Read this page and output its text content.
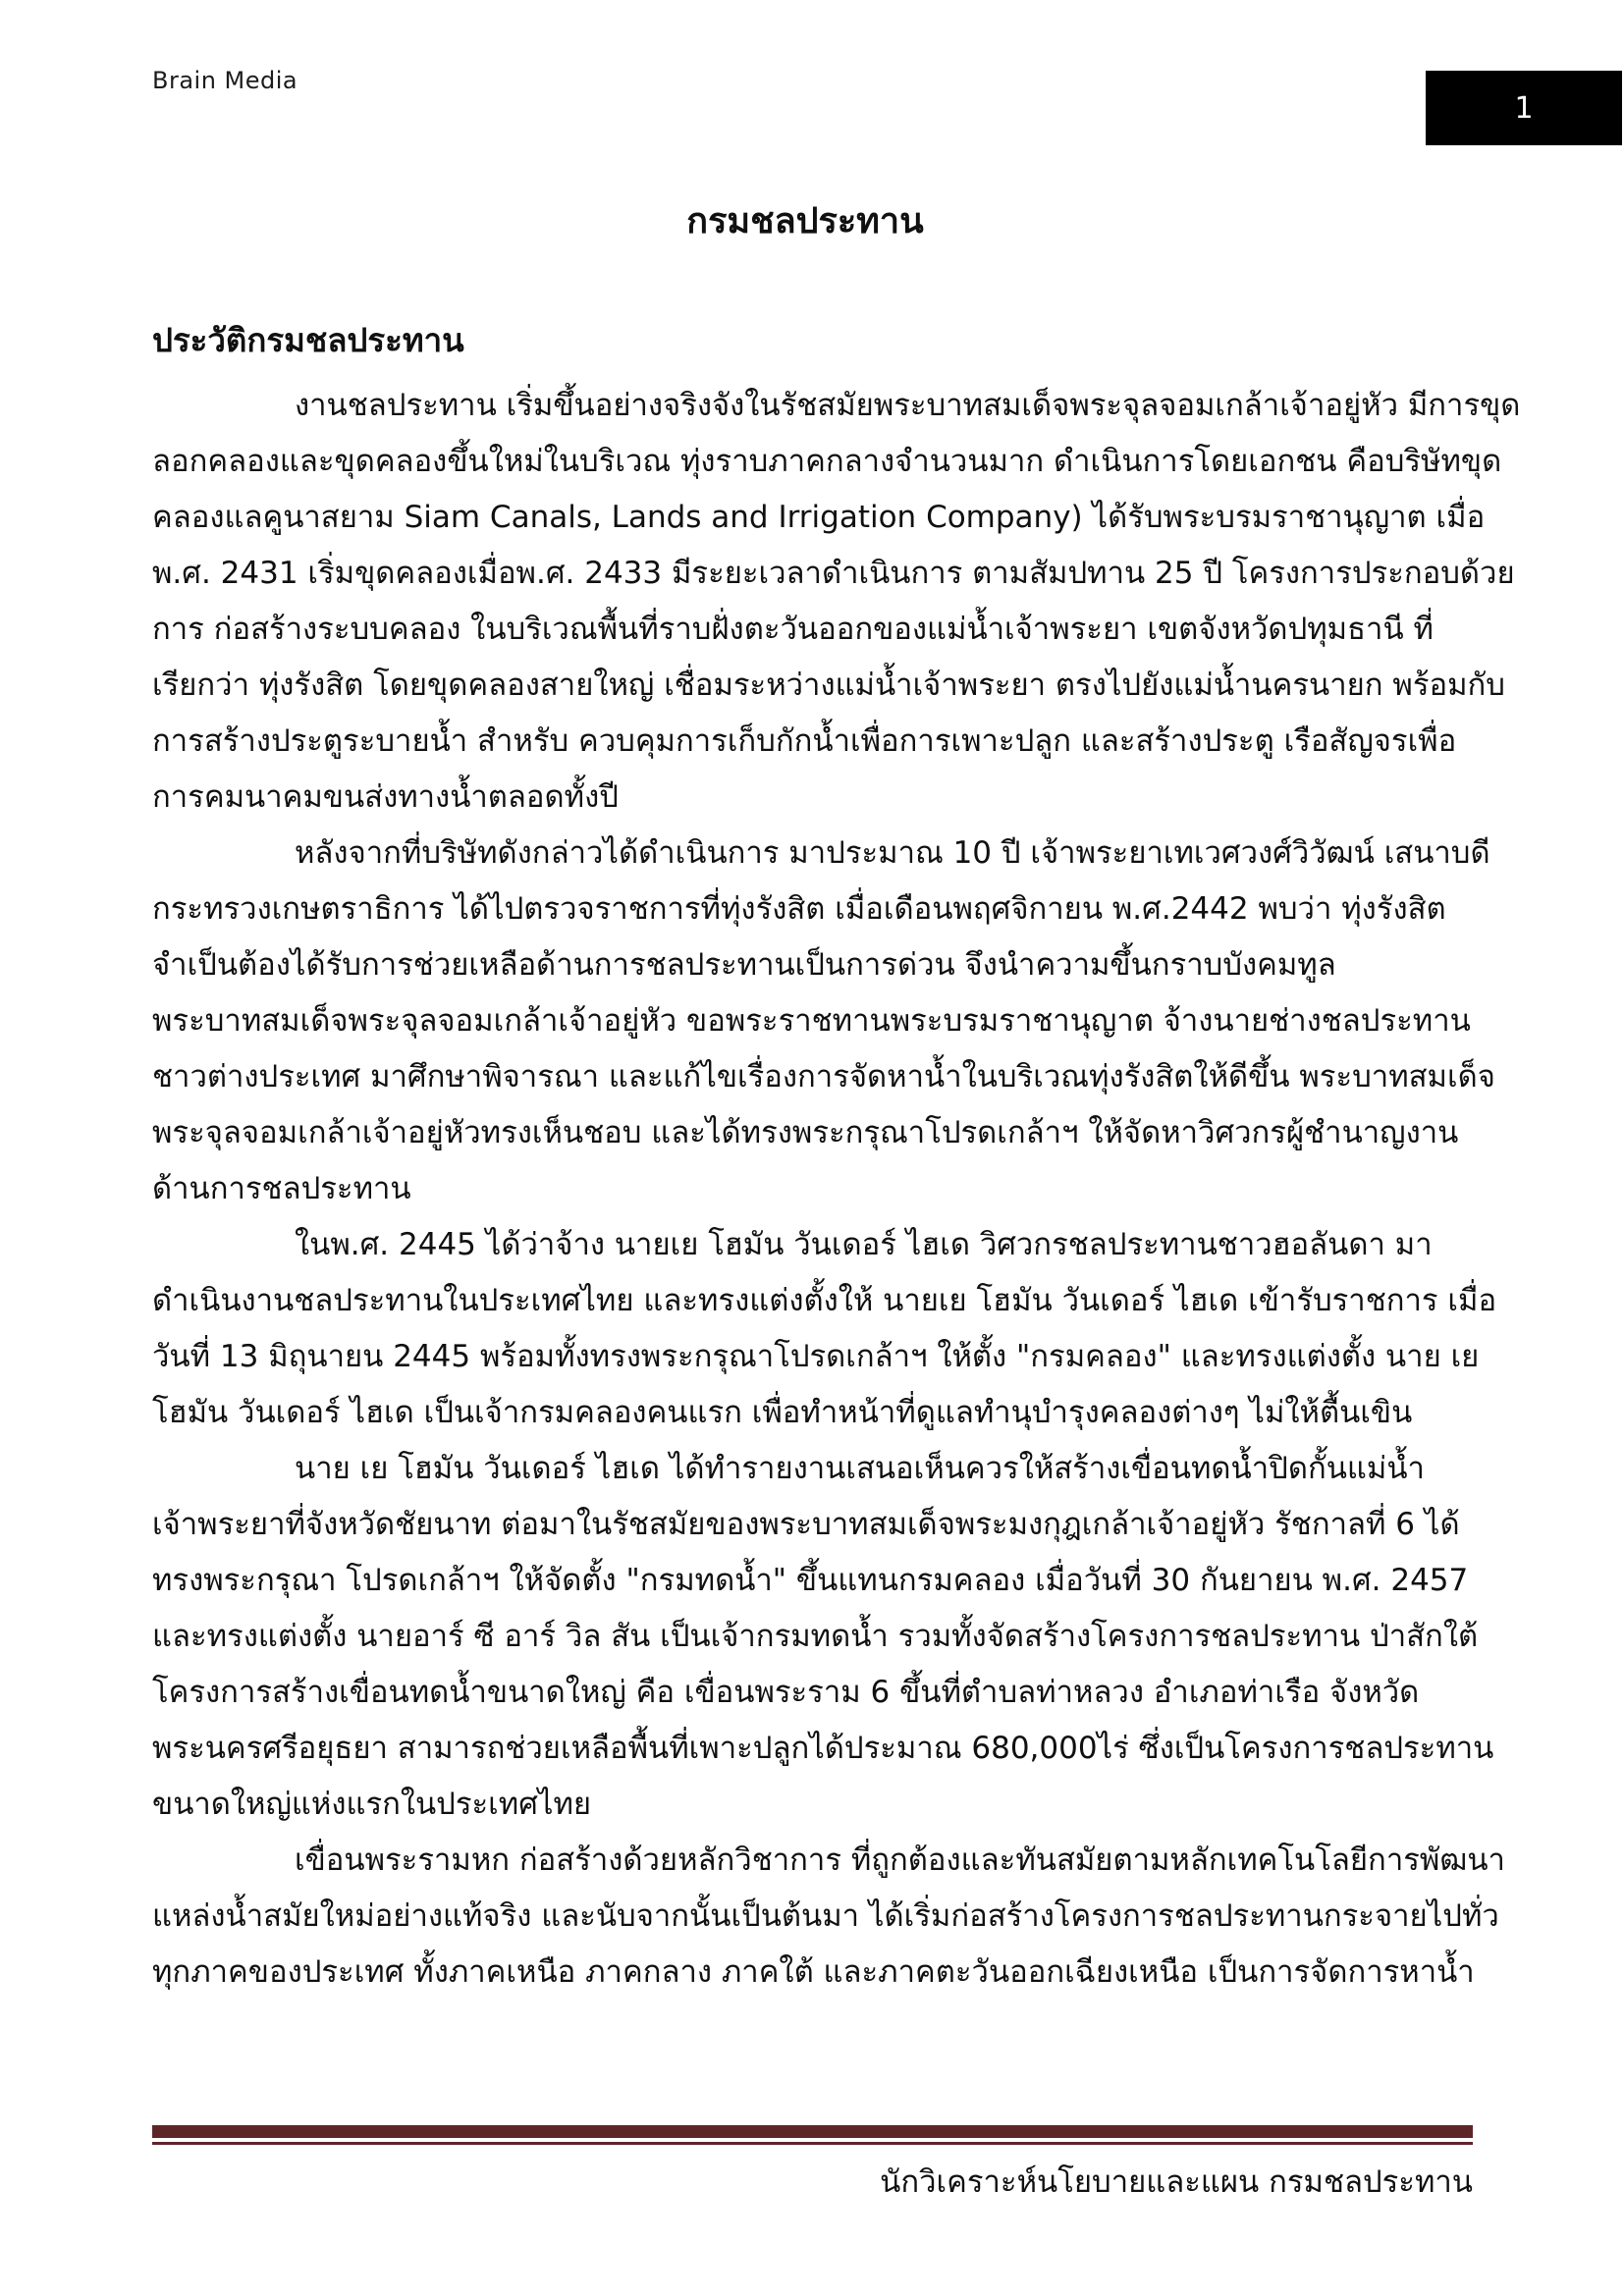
Brain Media
1
กรมชลประทาน
ประวัติกรมชลประทาน
งานชลประทาน เริ่มขึ้นอย่างจริงจังในรัชสมัยพระบาทสมเด็จพระจุลจอมเกล้าเจ้าอยู่หัว มีการขุด
ลอกคลองและขุดคลองขึ้นใหม่ในบริเวณ ทุ่งราบภาคกลางจำนวนมาก ดำเนินการโดยเอกชน คือบริษัทขุด
คลองแลคูนาสยาม Siam Canals, Lands and Irrigation Company) ได้รับพระบรมราชานุญาต เมื่อ
พ.ศ. 2431 เริ่มขุดคลองเมื่อพ.ศ. 2433 มีระยะเวลาดำเนินการ ตามสัมปทาน 25 ปี โครงการประกอบด้วย
การ ก่อสร้างระบบคลอง ในบริเวณพื้นที่ราบฝั่งตะวันออกของแม่น้ำเจ้าพระยา เขตจังหวัดปทุมธานี ที่
เรียกว่า ทุ่งรังสิต โดยขุดคลองสายใหญ่ เชื่อมระหว่างแม่น้ำเจ้าพระยา ตรงไปยังแม่น้ำนครนายก พร้อมกับ
การสร้างประตูระบายน้ำ สำหรับ ควบคุมการเก็บกักน้ำเพื่อการเพาะปลูก และสร้างประตู เรือสัญจรเพื่อ
การคมนาคมขนส่งทางน้ำตลอดทั้งปี
หลังจากที่บริษัทดังกล่าวได้ดำเนินการ มาประมาณ 10 ปี เจ้าพระยาเทเวศวงศ์วิวัฒน์ เสนาบดี
กระทรวงเกษตราธิการ ได้ไปตรวจราชการที่ทุ่งรังสิต เมื่อเดือนพฤศจิกายน พ.ศ.2442 พบว่า ทุ่งรังสิต
จำเป็นต้องได้รับการช่วยเหลือด้านการชลประทานเป็นการด่วน จึงนำความขึ้นกราบบังคมทูล
พระบาทสมเด็จพระจุลจอมเกล้าเจ้าอยู่หัว ขอพระราชทานพระบรมราชานุญาต จ้างนายช่างชลประทาน
ชาวต่างประเทศ มาศึกษาพิจารณา และแก้ไขเรื่องการจัดหาน้ำในบริเวณทุ่งรังสิตให้ดีขึ้น พระบาทสมเด็จ
พระจุลจอมเกล้าเจ้าอยู่หัวทรงเห็นชอบ และได้ทรงพระกรุณาโปรดเกล้าฯ ให้จัดหาวิศวกรผู้ชำนาญงาน
ด้านการชลประทาน
ในพ.ศ. 2445 ได้ว่าจ้าง นายเย โฮมัน วันเดอร์ ไฮเด วิศวกรชลประทานชาวฮอลันดา มา
ดำเนินงานชลประทานในประเทศไทย และทรงแต่งตั้งให้ นายเย โฮมัน วันเดอร์ ไฮเด เข้ารับราชการ เมื่อ
วันที่ 13 มิถุนายน 2445 พร้อมทั้งทรงพระกรุณาโปรดเกล้าฯ ให้ตั้ง "กรมคลอง" และทรงแต่งตั้ง นาย เย
โฮมัน วันเดอร์ ไฮเด เป็นเจ้ากรมคลองคนแรก เพื่อทำหน้าที่ดูแลทำนุบำรุงคลองต่างๆ ไม่ให้ตื้นเขิน
นาย เย โฮมัน วันเดอร์ ไฮเด ได้ทำรายงานเสนอเห็นควรให้สร้างเขื่อนทดน้ำปิดกั้นแม่น้ำ
เจ้าพระยาที่จังหวัดชัยนาท ต่อมาในรัชสมัยของพระบาทสมเด็จพระมงกุฎเกล้าเจ้าอยู่หัว รัชกาลที่ 6 ได้
ทรงพระกรุณา โปรดเกล้าฯ ให้จัดตั้ง "กรมทดน้ำ" ขึ้นแทนกรมคลอง เมื่อวันที่ 30 กันยายน พ.ศ. 2457
และทรงแต่งตั้ง นายอาร์ ซี อาร์ วิล สัน เป็นเจ้ากรมทดน้ำ รวมทั้งจัดสร้างโครงการชลประทาน ป่าสักใต้
โครงการสร้างเขื่อนทดน้ำขนาดใหญ่ คือ เขื่อนพระราม 6 ขึ้นที่ตำบลท่าหลวง อำเภอท่าเรือ จังหวัด
พระนครศรีอยุธยา สามารถช่วยเหลือพื้นที่เพาะปลูกได้ประมาณ 680,000ไร่ ซึ่งเป็นโครงการชลประทาน
ขนาดใหญ่แห่งแรกในประเทศไทย
เขื่อนพระรามหก ก่อสร้างด้วยหลักวิชาการ ที่ถูกต้องและทันสมัยตามหลักเทคโนโลยีการพัฒนา
แหล่งน้ำสมัยใหม่อย่างแท้จริง และนับจากนั้นเป็นต้นมา ได้เริ่มก่อสร้างโครงการชลประทานกระจายไปทั่ว
ทุกภาคของประเทศ ทั้งภาคเหนือ ภาคกลาง ภาคใต้ และภาคตะวันออกเฉียงเหนือ เป็นการจัดการหาน้ำ
นักวิเคราะห์นโยบายและแผน กรมชลประทาน
